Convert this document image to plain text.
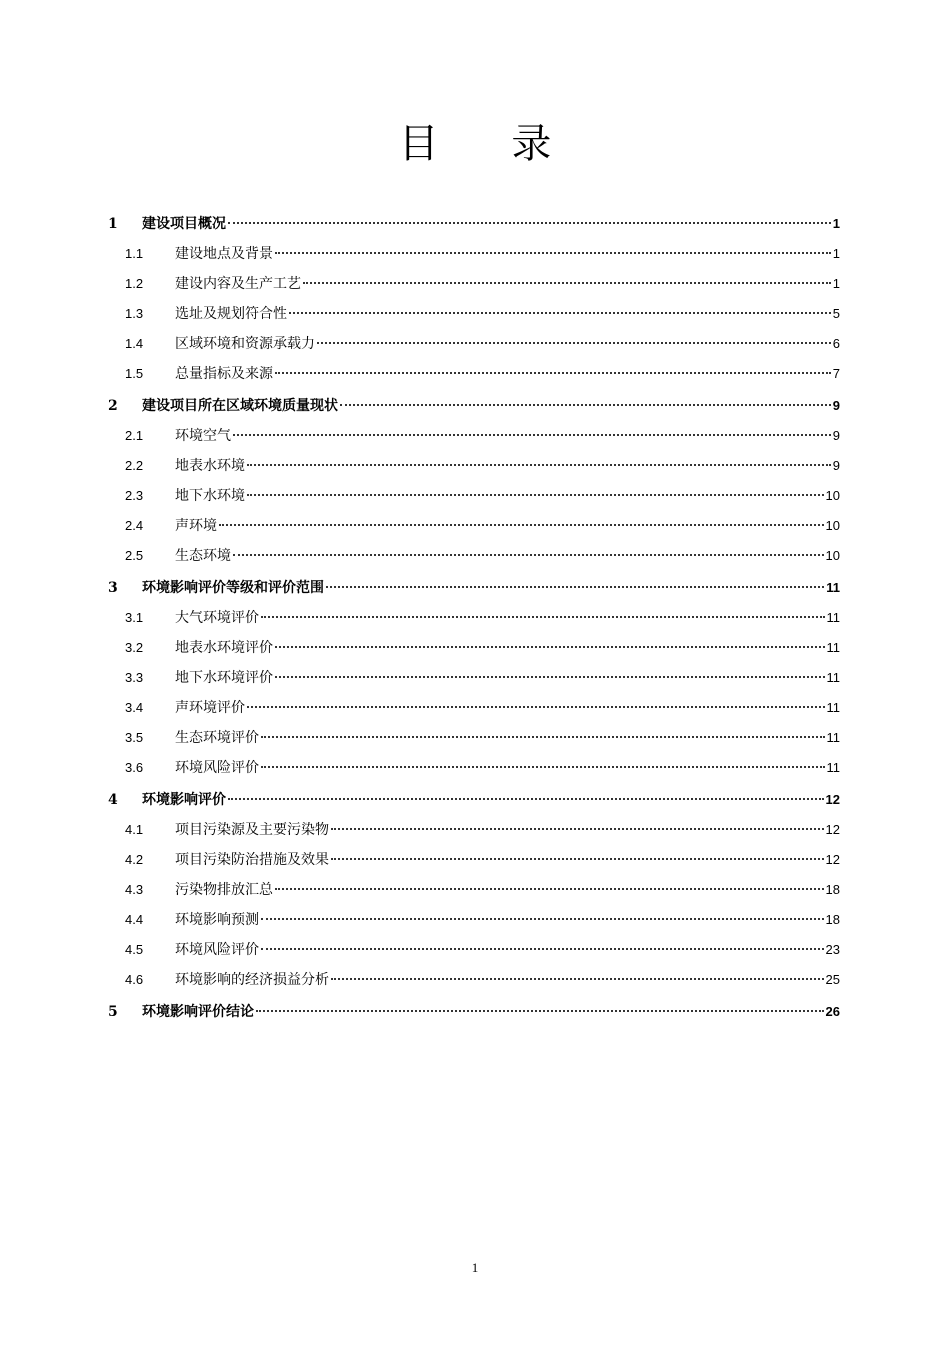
目 录
1	建设项目概况	1
1.1	建设地点及背景	1
1.2	建设内容及生产工艺	1
1.3	选址及规划符合性	5
1.4	区域环境和资源承载力	6
1.5	总量指标及来源	7
2	建设项目所在区域环境质量现状	9
2.1	环境空气	9
2.2	地表水环境	9
2.3	地下水环境	10
2.4	声环境	10
2.5	生态环境	10
3	环境影响评价等级和评价范围	11
3.1	大气环境评价	11
3.2	地表水环境评价	11
3.3	地下水环境评价	11
3.4	声环境评价	11
3.5	生态环境评价	11
3.6	环境风险评价	11
4	环境影响评价	12
4.1	项目污染源及主要污染物	12
4.2	项目污染防治措施及效果	12
4.3	污染物排放汇总	18
4.4	环境影响预测	18
4.5	环境风险评价	23
4.6	环境影响的经济损益分析	25
5	环境影响评价结论	26
1
